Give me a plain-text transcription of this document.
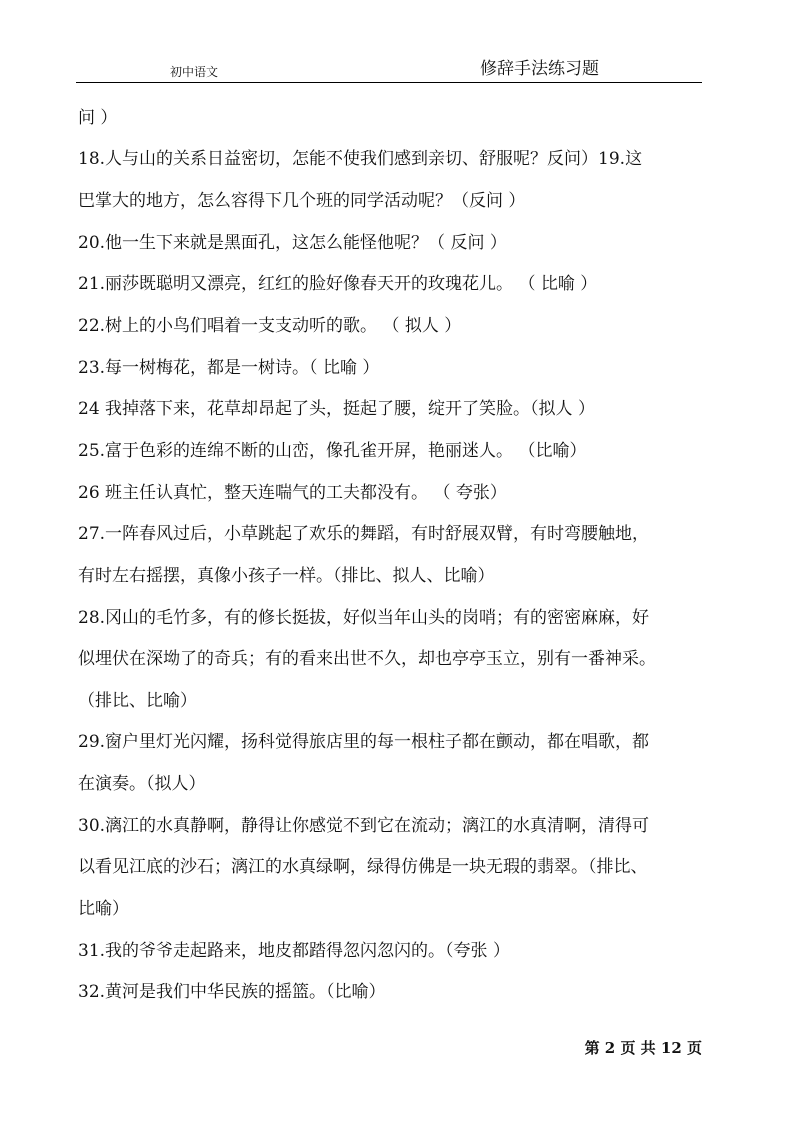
初中语文	修辞手法练习题
问 ）
18.人与山的关系日益密切，怎能不使我们感到亲切、舒服呢？反问）19.这
巴掌大的地方，怎么容得下几个班的同学活动呢？（反问 ）
20.他一生下来就是黑面孔，这怎么能怪他呢？（ 反问 ）
21.丽莎既聪明又漂亮，红红的脸好像春天开的玫瑰花儿。 （ 比喻 ）
22.树上的小鸟们唱着一支支动听的歌。 （ 拟人 ）
23.每一树梅花，都是一树诗。（ 比喻 ）
24 我掉落下来，花草却昂起了头，挺起了腰，绽开了笑脸。（拟人 ）
25.富于色彩的连绵不断的山峦，像孔雀开屏，艳丽迷人。 （比喻）
26 班主任认真忙，整天连喘气的工夫都没有。 （ 夸张）
27.一阵春风过后，小草跳起了欢乐的舞蹈，有时舒展双臂，有时弯腰触地，
有时左右摇摆，真像小孩子一样。（排比、拟人、比喻）
28.冈山的毛竹多，有的修长挺拔，好似当年山头的岗哨；有的密密麻麻，好
似埋伏在深坳了的奇兵；有的看来出世不久，却也亭亭玉立，别有一番神采。
（排比、比喻）
29.窗户里灯光闪耀，扬科觉得旅店里的每一根柱子都在颤动，都在唱歌，都
在演奏。（拟人）
30.漓江的水真静啊，静得让你感觉不到它在流动；漓江的水真清啊，清得可
以看见江底的沙石；漓江的水真绿啊，绿得仿佛是一块无瑕的翡翠。（排比、
比喻）
31.我的爷爷走起路来，地皮都踏得忽闪忽闪的。（夸张 ）
32.黄河是我们中华民族的摇篮。（比喻）
第 2 页 共 12 页
